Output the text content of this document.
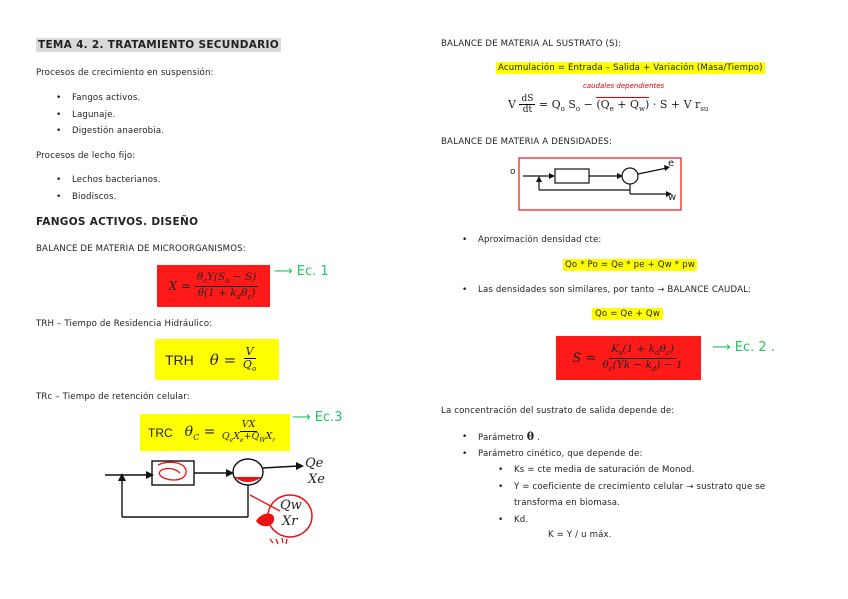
TEMA 4. 2. TRATAMIENTO SECUNDARIO
Procesos de crecimiento en suspensión:
• Fangos activos.
• Lagunaje.
• Digestión anaerobia.
Procesos de lecho fijo:
• Lechos bacterianos.
• Biodiscos.
FANGOS ACTIVOS. DISEÑO
BALANCE DE MATERIA DE MICROORGANISMOS:
$X = \frac{\theta_cY(S_o - S)}{\theta(1 + k_d\theta_c)}$ ⟶ Ec. 1
TRH – Tiempo de Residencia Hidráulico:
TRH $\theta = \frac{V}{Q_o}$
TRc – Tiempo de retención celular:
TRC $\theta_C = \frac{VX}{Q_eX_e+Q_WX_r}$
⟶ Ec.3
Qe
Xe
Qw
Xr
BALANCE DE MATERIA AL SUSTRATO (S):
Acumulación = Entrada – Salida + Variación (Masa/Tiempo)
caudales dependientes
V $\frac{dS}{dt} = Q_o$ $S_o - (Q_e + Q_w) \cdot S + V$ $r_{su}$
BALANCE DE MATERIA A DENSIDADES:
o
e
w
• Aproximación densidad cte:
Qo * Po = Qe * pe + Qw * pw
• Las densidades son similares, por tanto → BALANCE CAUDAL:
Qo = Qe + Qw
$S = \frac{K_s(1 + k_d\theta_c)}{\theta_c(Yk - k_d) - 1}$ ⟶ Ec. 2 .
La concentración del sustrato de salida depende de:
• Parámetro θ .
• Parámetro cinético, que depende de:
• Ks = cte media de saturación de Monod.
• Y = coeficiente de crecimiento celular → sustrato que se
transforma en biomasa.
• Kd.
K = Y / u máx.
